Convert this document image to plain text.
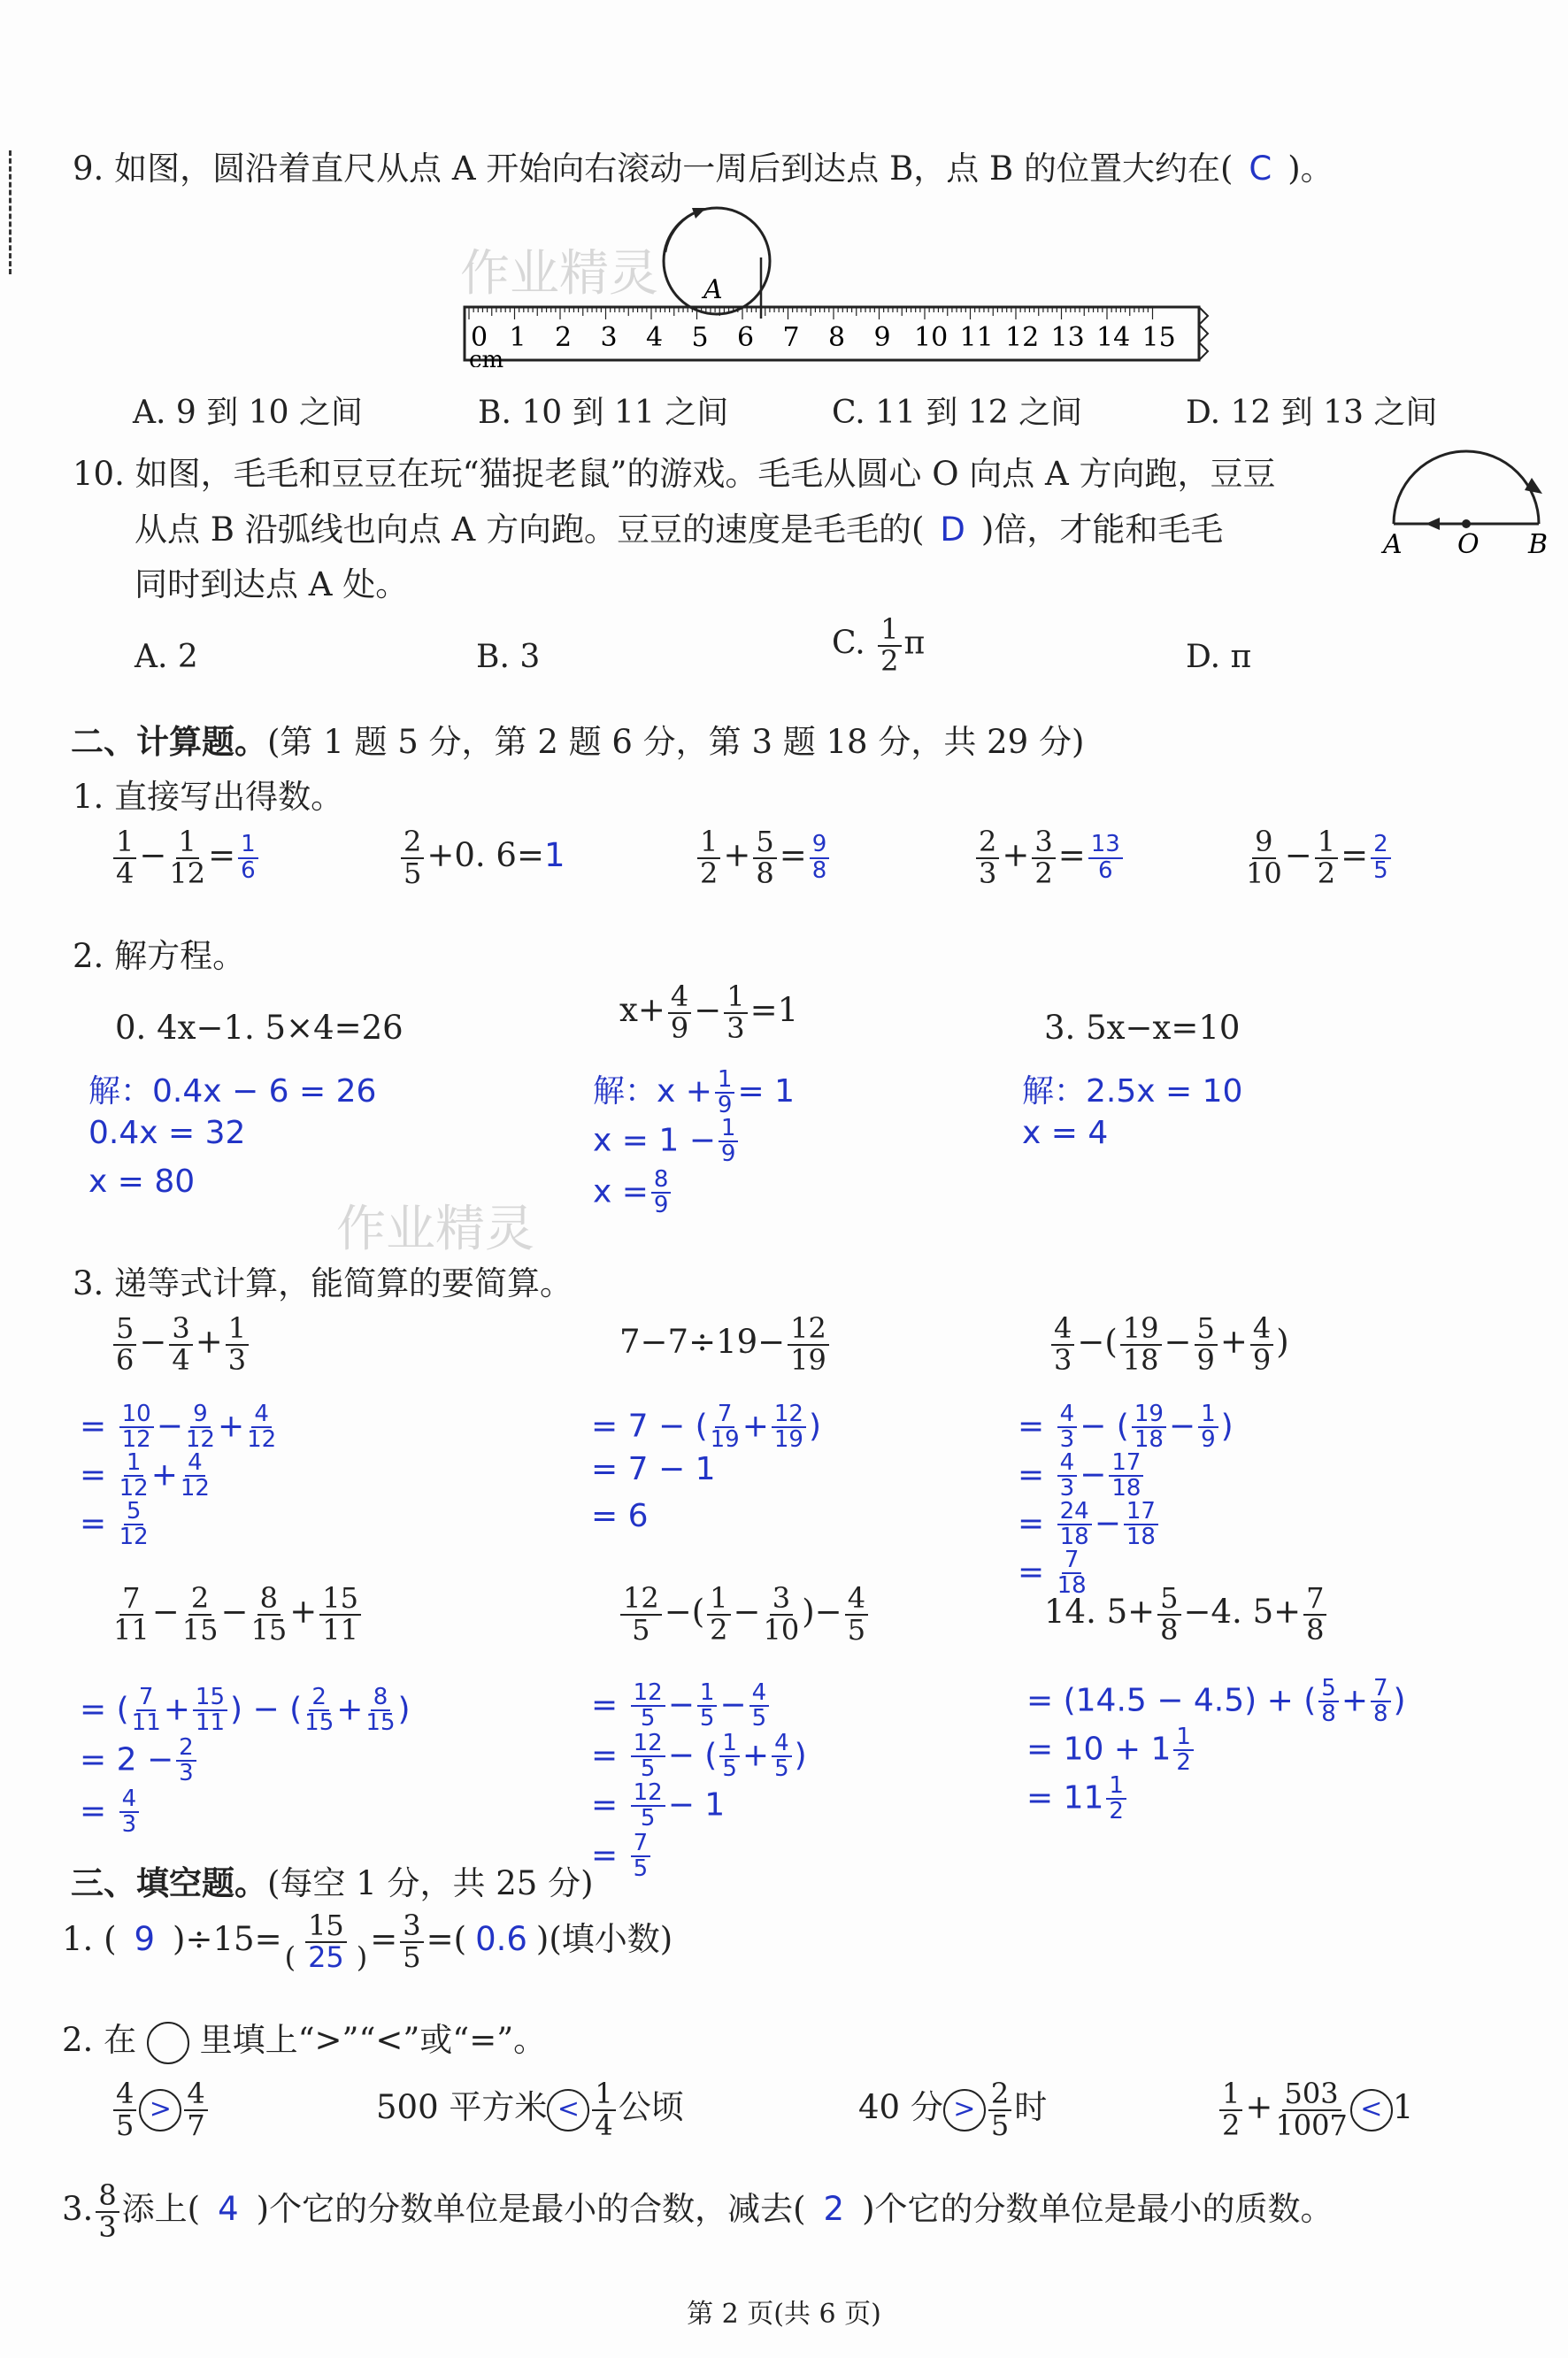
9. 如图，圆沿着直尺从点 A 开始向右滚动一周后到达点 B，点 B 的位置大约在( C )。
A
0 1 2 3 4 5 6 7 8 9 10 11 12 13 14 15
cm
作业精灵
A. 9 到 10 之间	B. 10 到 11 之间	C. 11 到 12 之间	D. 12 到 13 之间
10. 如图，毛毛和豆豆在玩“猫捉老鼠”的游戏。毛毛从圆心 O 向点 A 方向跑，豆豆
从点 B 沿弧线也向点 A 方向跑。豆豆的速度是毛毛的( D )倍，才能和毛毛
同时到达点 A 处。
A O B
A. 2	B. 3	C. $\frac{1}{2}$ π	D. π
二、计算题。(第 1 题 5 分，第 2 题 6 分，第 3 题 18 分，共 29 分)
1. 直接写出得数。
$\frac{1}{4} - \frac{1}{12} = \frac{1}{6}$	$\frac{2}{5} +0$. 6=1	$\frac{1}{2} + \frac{5}{8} = \frac{9}{8}$	$\frac{2}{3} + \frac{3}{2} = \frac{13}{6}$	$\frac{9}{10} - \frac{1}{2} = \frac{2}{5}$
2. 解方程。
0. 4x−1. 5×4=26
解：0.4x − 6 = 26
0.4x = 32
x = 80
$x+ \frac{4}{9} - \frac{1}{3} =1$
解：$x + \frac{1}{9} = 1$
$x = 1 - \frac{1}{9}$
$x = \frac{8}{9}$
3. 5x−x=10
解：2.5x = 10
x = 4
作业精灵
3. 递等式计算，能简算的要简算。
$\frac{5}{6} - \frac{3}{4} + \frac{1}{3}$
= $\frac{10}{12} - \frac{9}{12} + \frac{4}{12}$
= $\frac{1}{12} + \frac{4}{12}$
= $\frac{5}{12}$
$7-7\div 19- \frac{12}{19}$
= 7 − ( $\frac{7}{19} + \frac{12}{19}$ )
= 7 − 1
= 6
$\frac{4}{3}$ −( $\frac{19}{18} - \frac{5}{9} + \frac{4}{9}$ )
= $\frac{4}{3}$ − ( $\frac{19}{18} - \frac{1}{9}$ )
= $\frac{4}{3} - \frac{17}{18}$
= $\frac{24}{18} - \frac{17}{18}$
= $\frac{7}{18}$
$\frac{7}{11} - \frac{2}{15} - \frac{8}{15} + \frac{15}{11}$
= ( $\frac{7}{11} + \frac{15}{11}$ ) − ( $\frac{2}{15} + \frac{8}{15}$ )
= $2 - \frac{2}{3}$
= $\frac{4}{3}$
$\frac{12}{5}$ −( $\frac{1}{2} - \frac{3}{10}$ )− $\frac{4}{5}$
= $\frac{12}{5} - \frac{1}{5} - \frac{4}{5}$
= $\frac{12}{5}$ − ( $\frac{1}{5} + \frac{4}{5}$ )
= $\frac{12}{5} - 1$
= $\frac{7}{5}$
14. $5+ \frac{5}{8} -4$. $5+ \frac{7}{8}$
= (14.5 − 4.5) + ( $\frac{5}{8} + \frac{7}{8}$ )
= $10 + 1 \frac{1}{2}$
= $11 \frac{1}{2}$
三、填空题。(每空 1 分，共 25 分)
1. ( 9 )$\div 15= \frac{15}{( 25 )} = \frac{3}{5}$ =( 0.6 )(填小数)
2. 在 里填上“>”“<”或“=”。
$\frac{4}{5} > \frac{4}{7}$	500 平方米 < $\frac{1}{4}$ 公顷	40 分 > $\frac{2}{5}$ 时	$\frac{1}{2} + \frac{503}{1007} < 1$
3. $\frac{8}{3}$ 添上( 4 )个它的分数单位是最小的合数，减去( 2 )个它的分数单位是最小的质数。
第 2 页(共 6 页)
